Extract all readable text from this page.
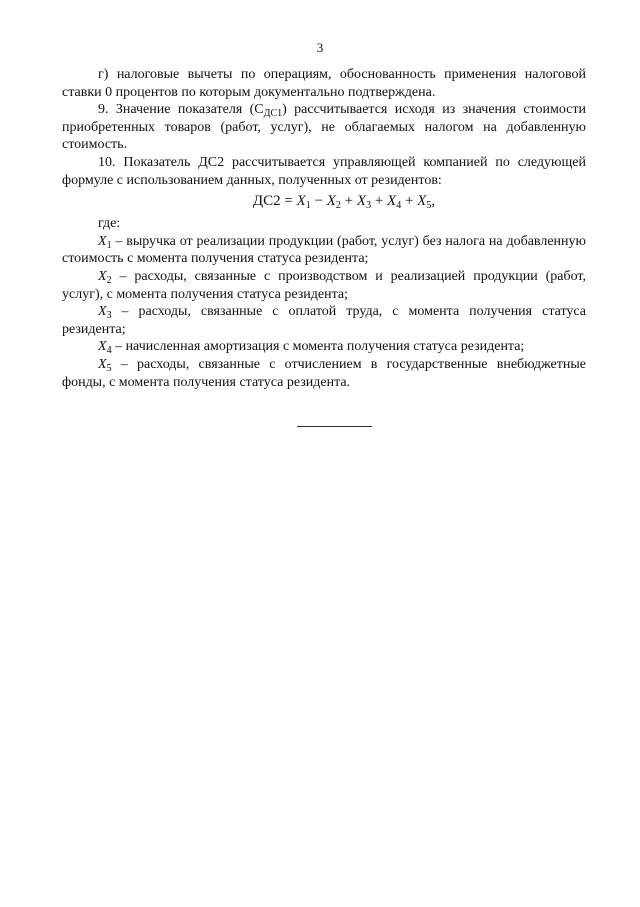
3

г) налоговые вычеты по операциям, обоснованность применения налоговой ставки 0 процентов по которым документально подтверждена.

9. Значение показателя $(С_{ДС1})$ рассчитывается исходя из значения стоимости приобретенных товаров (работ, услуг), не облагаемых налогом на добавленную стоимость.

10. Показатель ДС2 рассчитывается управляющей компанией по следующей формуле с использованием данных, полученных от резидентов:

$ДС2 = X_1 - X_2 + X_3 + X_4 + X_5$,

где:

$X_1$ – выручка от реализации продукции (работ, услуг) без налога на добавленную стоимость с момента получения статуса резидента;

$X_2$ – расходы, связанные с производством и реализацией продукции (работ, услуг), с момента получения статуса резидента;

$X_3$ – расходы, связанные с оплатой труда, с момента получения статуса резидента;

$X_4$ – начисленная амортизация с момента получения статуса резидента;

$X_5$ – расходы, связанные с отчислением в государственные внебюджетные фонды, с момента получения статуса резидента.
